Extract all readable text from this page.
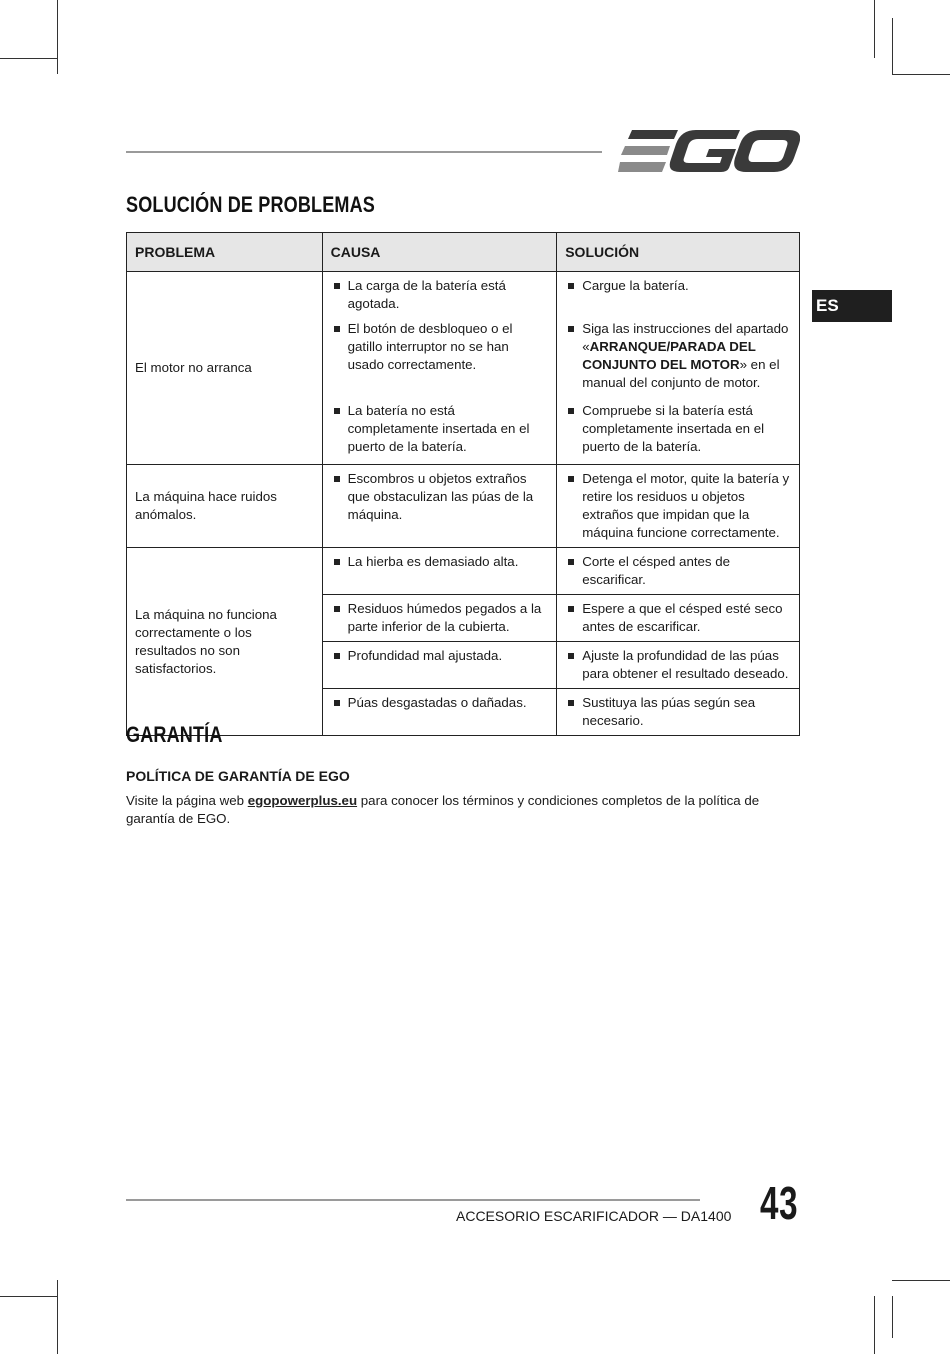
ES
SOLUCIÓN DE PROBLEMAS
PROBLEMA	CAUSA	SOLUCIÓN
El motor no arranca	La carga de la batería está agotada.	Cargue la batería.

	El botón de desbloqueo o el gatillo interruptor no se han usado correctamente.	Siga las instrucciones del apartado «ARRANQUE/PARADA DEL CONJUNTO DEL MOTOR» en el manual del conjunto de motor.

	La batería no está completamente insertada en el puerto de la batería.	Compruebe si la batería está completamente insertada en el puerto de la batería.

La máquina hace ruidos anómalos.	Escombros u objetos extraños que obstaculizan las púas de la máquina.	Detenga el motor, quite la batería y retire los residuos u objetos extraños que impidan que la máquina funcione correctamente.

La máquina no funciona correctamente o los resultados no son satisfactorios.	La hierba es demasiado alta.	Corte el césped antes de escarificar.

	Residuos húmedos pegados a la parte inferior de la cubierta.	Espere a que el césped esté seco antes de escarificar.

	Profundidad mal ajustada.	Ajuste la profundidad de las púas para obtener el resultado deseado.

	Púas desgastadas o dañadas.	Sustituya las púas según sea necesario.

GARANTÍA
POLÍTICA DE GARANTÍA DE EGO
Visite la página web egopowerplus.eu para conocer los términos y condiciones completos de la política de garantía de EGO.
ACCESORIO ESCARIFICADOR — DA1400 43
